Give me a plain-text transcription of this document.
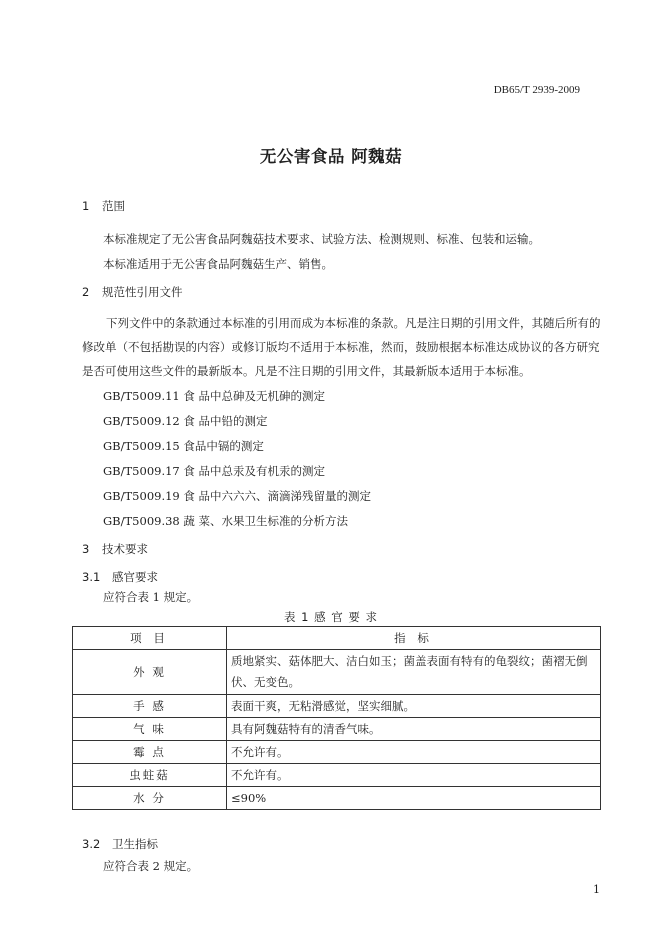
DB65/T 2939-2009
无公害食品 阿魏菇
1 范围
本标准规定了无公害食品阿魏菇技术要求、试验方法、检测规则、标准、包装和运输。
本标准适用于无公害食品阿魏菇生产、销售。
2 规范性引用文件
下列文件中的条款通过本标准的引用而成为本标准的条款。凡是注日期的引用文件，其随后所有的修改单（不包括勘误的内容）或修订版均不适用于本标准，然而，鼓励根据本标准达成协议的各方研究是否可使用这些文件的最新版本。凡是不注日期的引用文件，其最新版本适用于本标准。
GB/T5009.11 食 品中总砷及无机砷的测定
GB/T5009.12 食 品中铅的测定
GB/T5009.15 食品中镉的测定
GB/T5009.17 食 品中总汞及有机汞的测定
GB/T5009.19 食 品中六六六、滴滴涕残留量的测定
GB/T5009.38 蔬 菜、水果卫生标准的分析方法
3 技术要求
3.1 感官要求
应符合表 1 规定。
表 1 感 官 要 求
项 目	指 标
外 观	质地紧实、菇体肥大、洁白如玉；菌盖表面有特有的龟裂纹；菌褶无倒伏、无变色。
手 感	表面干爽，无粘滑感觉，坚实细腻。
气 味	具有阿魏菇特有的清香气味。
霉 点	不允许有。
虫蛀菇	不允许有。
水 分	≤90%
3.2 卫生指标
应符合表 2 规定。
1
